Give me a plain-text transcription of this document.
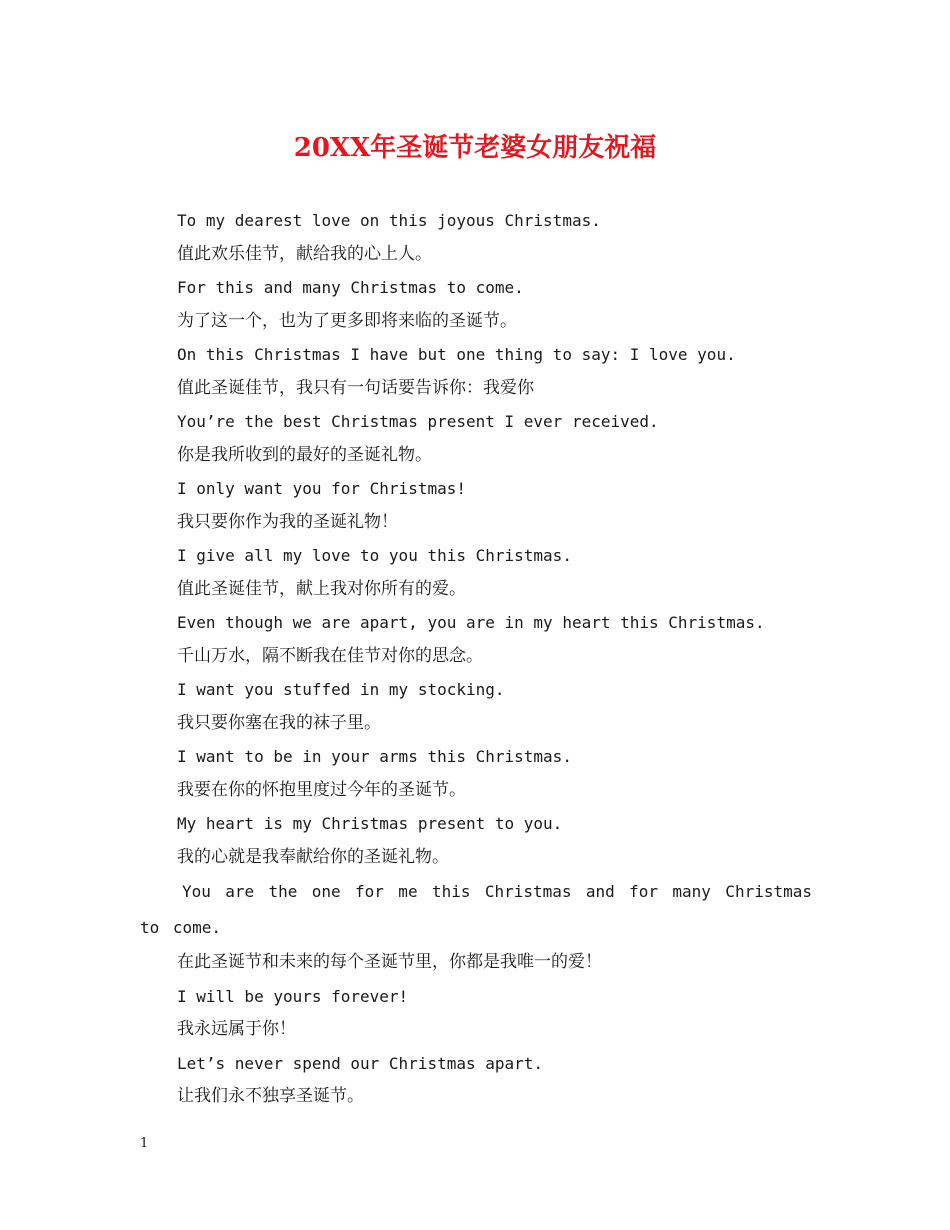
20XX年圣诞节老婆女朋友祝福

To my dearest love on this joyous Christmas.

值此欢乐佳节，献给我的心上人。

For this and many Christmas to come.

为了这一个，也为了更多即将来临的圣诞节。

On this Christmas I have but one thing to say: I love you.

值此圣诞佳节，我只有一句话要告诉你：我爱你

You’re the best Christmas present I ever received.

你是我所收到的最好的圣诞礼物。

I only want you for Christmas!

我只要你作为我的圣诞礼物！

I give all my love to you this Christmas.

值此圣诞佳节，献上我对你所有的爱。

Even though we are apart, you are in my heart this Christmas.

千山万水，隔不断我在佳节对你的思念。

I want you stuffed in my stocking.

我只要你塞在我的袜子里。

I want to be in your arms this Christmas.

我要在你的怀抱里度过今年的圣诞节。

My heart is my Christmas present to you.

我的心就是我奉献给你的圣诞礼物。

You are the one for me this Christmas and for many Christmas to come.

在此圣诞节和未来的每个圣诞节里，你都是我唯一的爱！

I will be yours forever!

我永远属于你！

Let’s never spend our Christmas apart.

让我们永不独享圣诞节。

1
